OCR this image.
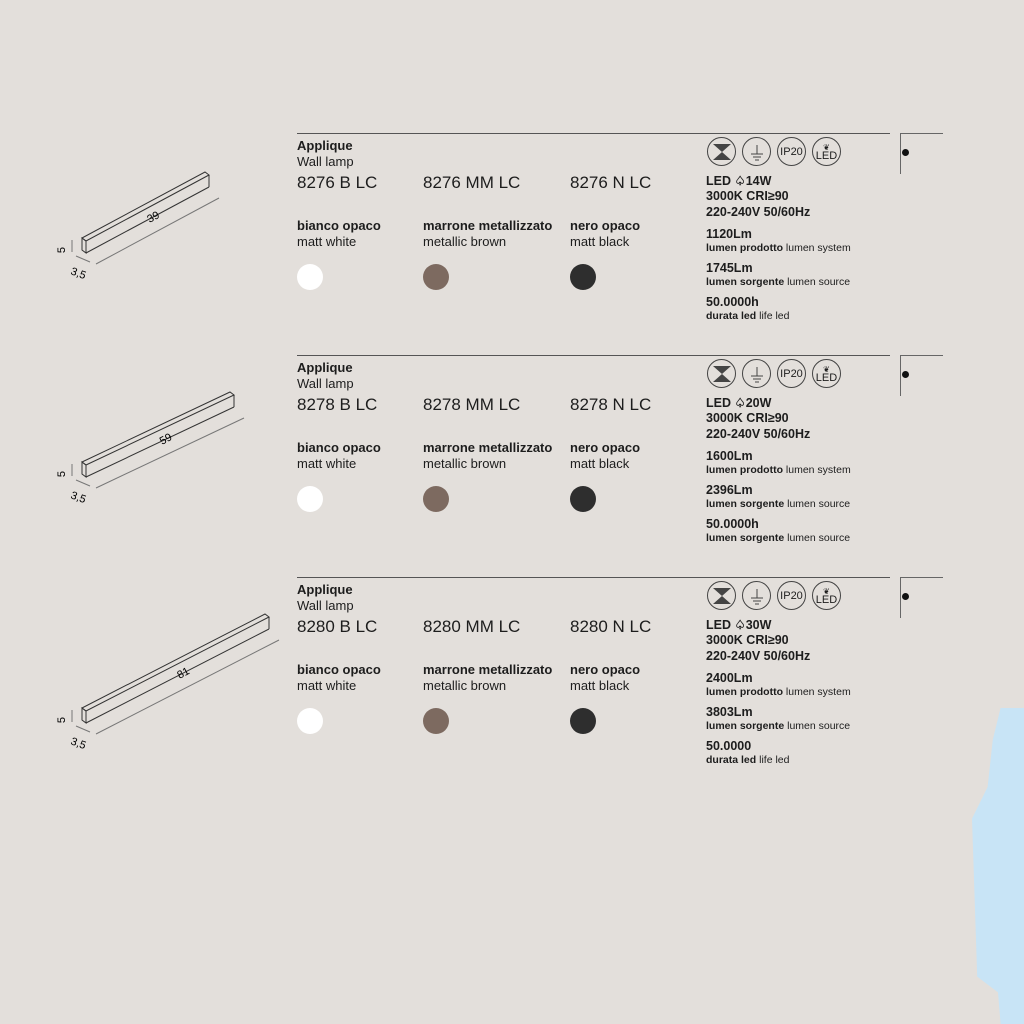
39
5
3,5
Applique
Wall lamp
8276 B LC
bianco opaco
matt white
8276 MM LC
marrone metallizzato
metallic brown
8276 N LC
nero opaco
matt black
IP20	❦
LED
LED ♤14W
3000K CRI≥90
220-240V 50/60Hz
1120Lm
lumen prodotto lumen system
1745Lm
lumen sorgente lumen source
50.0000h
durata led life led
59
5
3,5
Applique
Wall lamp
8278 B LC
bianco opaco
matt white
8278 MM LC
marrone metallizzato
metallic brown
8278 N LC
nero opaco
matt black
IP20	❦
LED
LED ♤20W
3000K CRI≥90
220-240V 50/60Hz
1600Lm
lumen prodotto lumen system
2396Lm
lumen sorgente lumen source
50.0000h
lumen sorgente lumen source
81
5
3,5
Applique
Wall lamp
8280 B LC
bianco opaco
matt white
8280 MM LC
marrone metallizzato
metallic brown
8280 N LC
nero opaco
matt black
IP20	❦
LED
LED ♤30W
3000K CRI≥90
220-240V 50/60Hz
2400Lm
lumen prodotto lumen system
3803Lm
lumen sorgente lumen source
50.0000
durata led life led
